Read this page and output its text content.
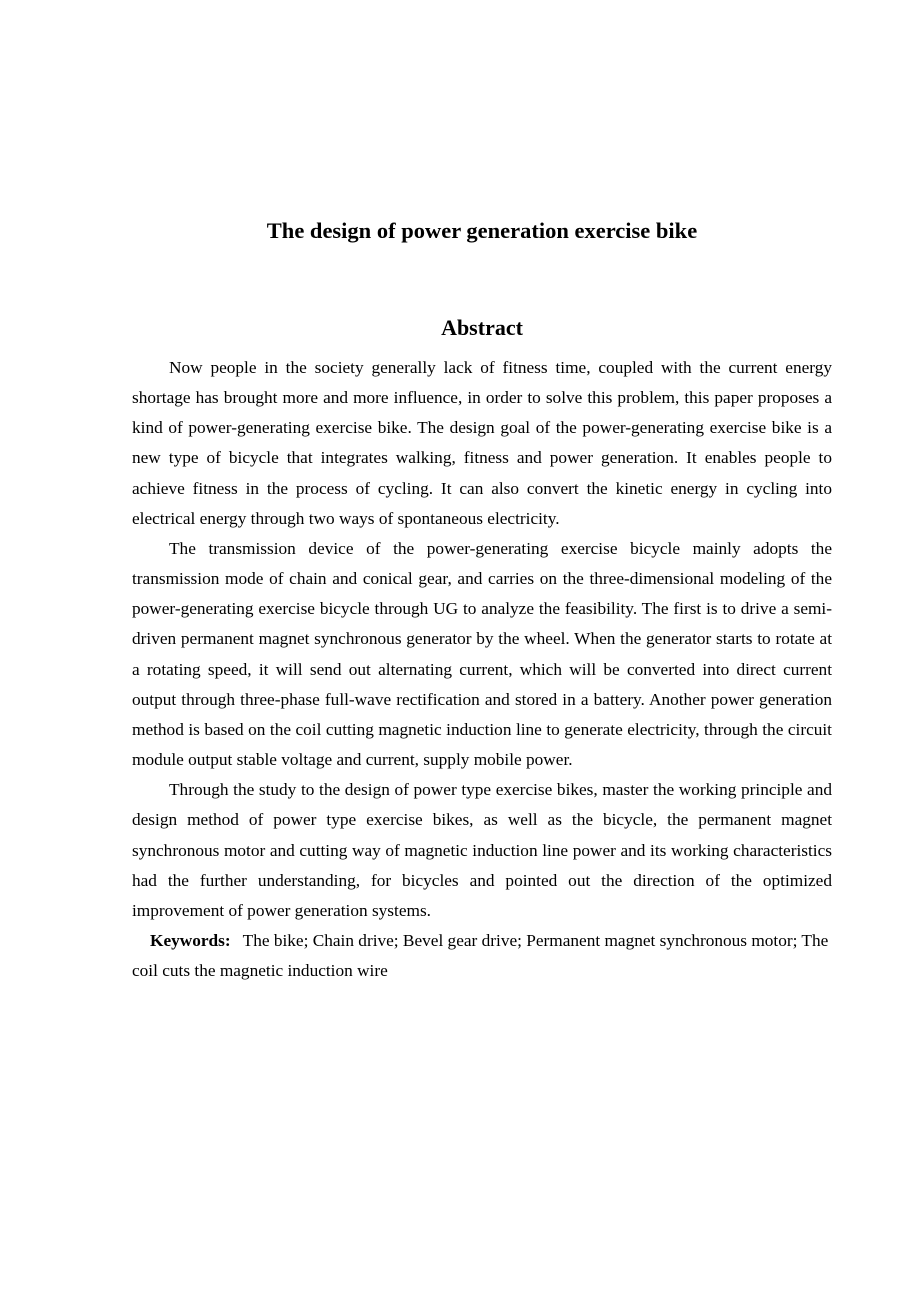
The design of power generation exercise bike
Abstract

Now people in the society generally lack of fitness time, coupled with the current energy shortage has brought more and more influence, in order to solve this problem, this paper proposes a kind of power-generating exercise bike. The design goal of the power-generating exercise bike is a new type of bicycle that integrates walking, fitness and power generation. It enables people to achieve fitness in the process of cycling. It can also convert the kinetic energy in cycling into electrical energy through two ways of spontaneous electricity.

The transmission device of the power-generating exercise bicycle mainly adopts the transmission mode of chain and conical gear, and carries on the three-dimensional modeling of the power-generating exercise bicycle through UG to analyze the feasibility. The first is to drive a semi-driven permanent magnet synchronous generator by the wheel. When the generator starts to rotate at a rotating speed, it will send out alternating current, which will be converted into direct current output through three-phase full-wave rectification and stored in a battery. Another power generation method is based on the coil cutting magnetic induction line to generate electricity, through the circuit module output stable voltage and current, supply mobile power.

Through the study to the design of power type exercise bikes, master the working principle and design method of power type exercise bikes, as well as the bicycle, the permanent magnet synchronous motor and cutting way of magnetic induction line power and its working characteristics had the further understanding, for bicycles and pointed out the direction of the optimized improvement of power generation systems.

Keywords: The bike; Chain drive; Bevel gear drive; Permanent magnet synchronous motor; The coil cuts the magnetic induction wire
